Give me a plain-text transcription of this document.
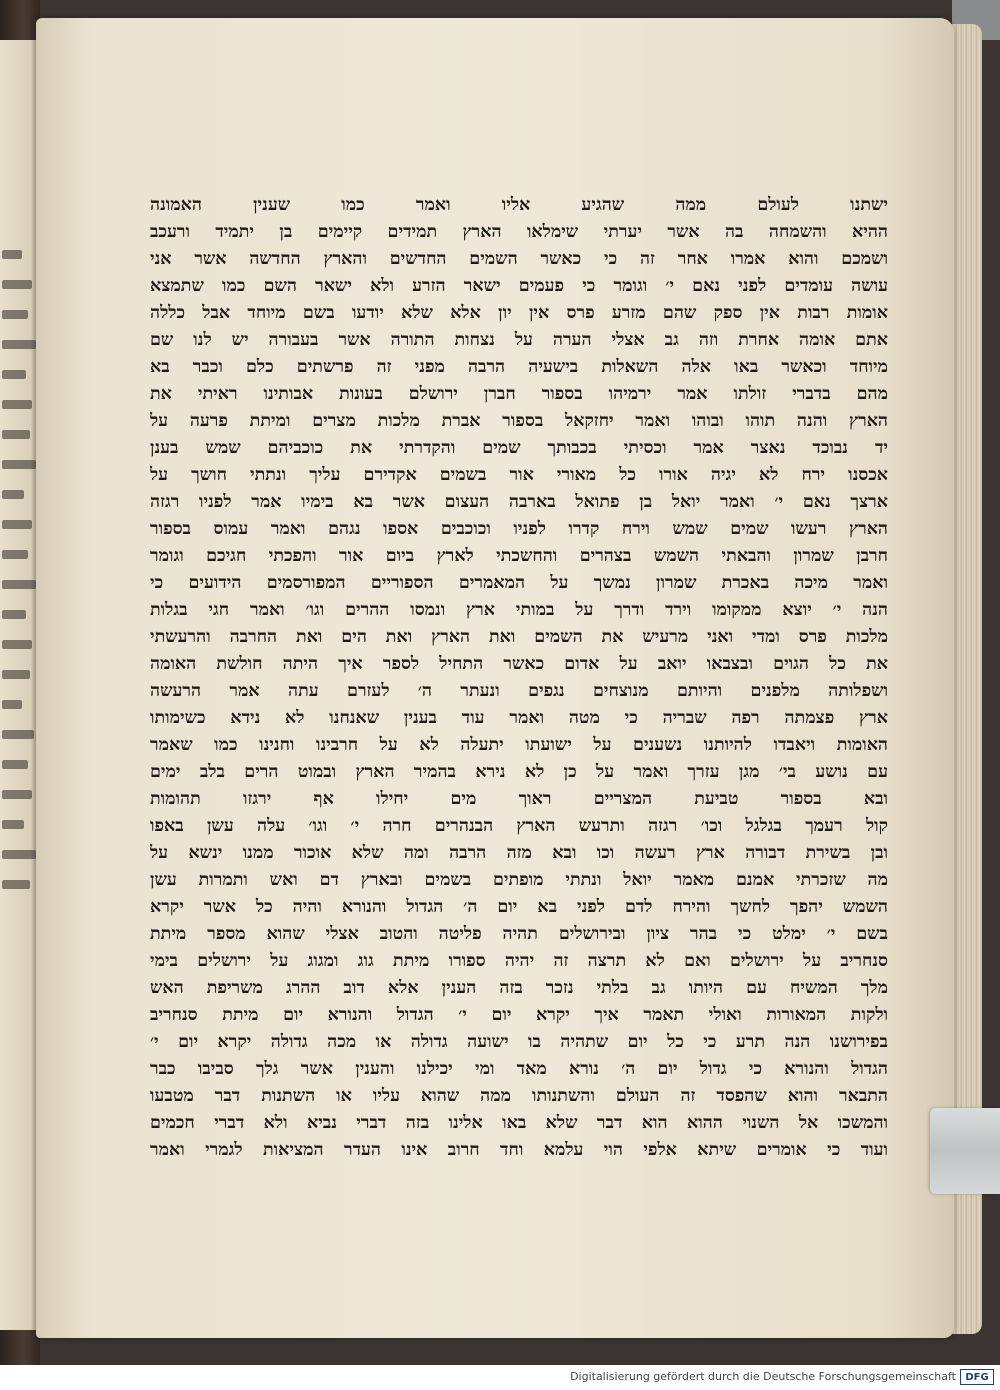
ישתנו לעולם ממה שהגיע אליו ואמר כמו שענין האמונה
ההיא והשמחה בה אשר יערתי שימלאו הארץ תמידים קיימים בן יתמיד ורעכב
ושמכם והוא אמרו אחר זה כי כאשר השמים החדשים והארץ החדשה אשר אני
עושה עומדים לפני נאם י׳ וגומר כי פעמים ישאר הזרע ולא ישאר השם כמו שתמצא
אומות רבות אין ספק שהם מזרע פרס אין יון אלא שלא יודעו בשם מיוחד אבל כללה
אתם אומה אחרת וזה גב אצלי הערה על נצחות התורה אשר בעבורה יש לנו שם
מיוחד וכאשר באו אלה השאלות בישעיה הרבה מפני זה פרשתים כלם וכבר בא
מהם בדברי זולתו אמר ירמיהו בספור חברן ירושלם בעונות אבותינו ראיתי את
הארץ והנה תוהו ובוהו ואמר יחזקאל בספור אברת מלכות מצרים ומיתת פרעה על
יד נבוכד נאצר אמר וכסיתי בכבותך שמים והקדרתי את כוכביהם שמש בענן
אכסנו ירח לא יגיה אורו כל מאורי אור בשמים אקדירם עליך ונתתי חושך על
ארצך נאם י׳ ואמר יואל בן פתואל בארבה העצום אשר בא בימיו אמר לפניו רגזה
הארץ רעשו שמים שמש וירח קדרו לפניו וכוכבים אספו נגהם ואמר עמוס בספור
חרבן שמרון והבאתי השמש בצהרים והחשכתי לארץ ביום אור והפכתי חגיכם וגומר
ואמר מיכה באכרת שמרון נמשך על המאמרים הספוריים המפורסמים הידועים כי
הנה י׳ יוצא ממקומו וירד ודרך על במותי ארץ ונמסו ההרים וגו׳ ואמר חגי בגלות
מלכות פרס ומדי ואני מרעיש את השמים ואת הארץ ואת הים ואת החרבה והרעשתי
את כל הגוים ובצבאו יואב על אדום כאשר התחיל לספר איך היתה חולשת האומה
ושפלותה מלפנים והיותם מנוצחים נגפים ונעתר ה׳ לעזרם עתה אמר הרעשה
ארץ פצמתה רפה שבריה כי מטה ואמר עוד בענין שאנחנו לא נידא כשימותו
האומות ויאבדו להיותנו נשענים על ישועתו יתעלה לא על חרבינו וחנינו כמו שאמר
עם נושע בי׳ מגן עזרך ואמר על כן לא נירא בהמיר הארץ ובמוט הרים בלב ימים
ובא בספור טביעת המצריים ראוך מים יחילו אף ירגזו תהומות
קול רעמך בגלגל וכו׳ רגזה ותרעש הארץ הבנהרים חרה י׳ וגו׳ עלה עשן באפו
ובן בשירת דבורה ארץ רעשה וכו ובא מזה הרבה ומה שלא אוכור ממנו ינשא על
מה שזכרתי אמנם מאמר יואל ונתתי מופתים בשמים ובארץ דם ואש ותמרות עשן
השמש יהפך לחשך והירח לדם לפני בא יום ה׳ הגדול והנורא והיה כל אשר יקרא
בשם י׳ ימלט כי בהר ציון ובירושלים תהיה פליטה והטוב אצלי שהוא מספר מיתת
סנחריב על ירושלים ואם לא תרצה זה יהיה ספורו מיתת גוג ומגוג על ירושלים בימי
מלך המשיח עם היותו גב בלתי נזכר בזה הענין אלא דוב ההרג משריפת האש
ולקות המאורות ואולי תאמר איך יקרא יום י׳ הגדול והנורא יום מיתת סנחריב
בפירושנו הנה תרע כי כל יום שתהיה בו ישועה גדולה או מכה גדולה יקרא יום י׳
הגדול והנורא כי גדול יום ה׳ נורא מאד ומי יכילנו והענין אשר גלך סביבו כבר
התבאר והוא שהפסד זה העולם והשתנותו ממה שהוא עליו או השתנות דבר מטבעו
והמשכו אל השנוי ההוא הוא דבר שלא באו אלינו בזה דברי נביא ולא דברי חכמים
ועוד כי אומרים שיתא אלפי הוי עלמא וחד חרוב אינו העדר המציאות לגמרי ואמר
Digitalisierung gefördert durch die Deutsche Forschungsgemeinschaft DFG
